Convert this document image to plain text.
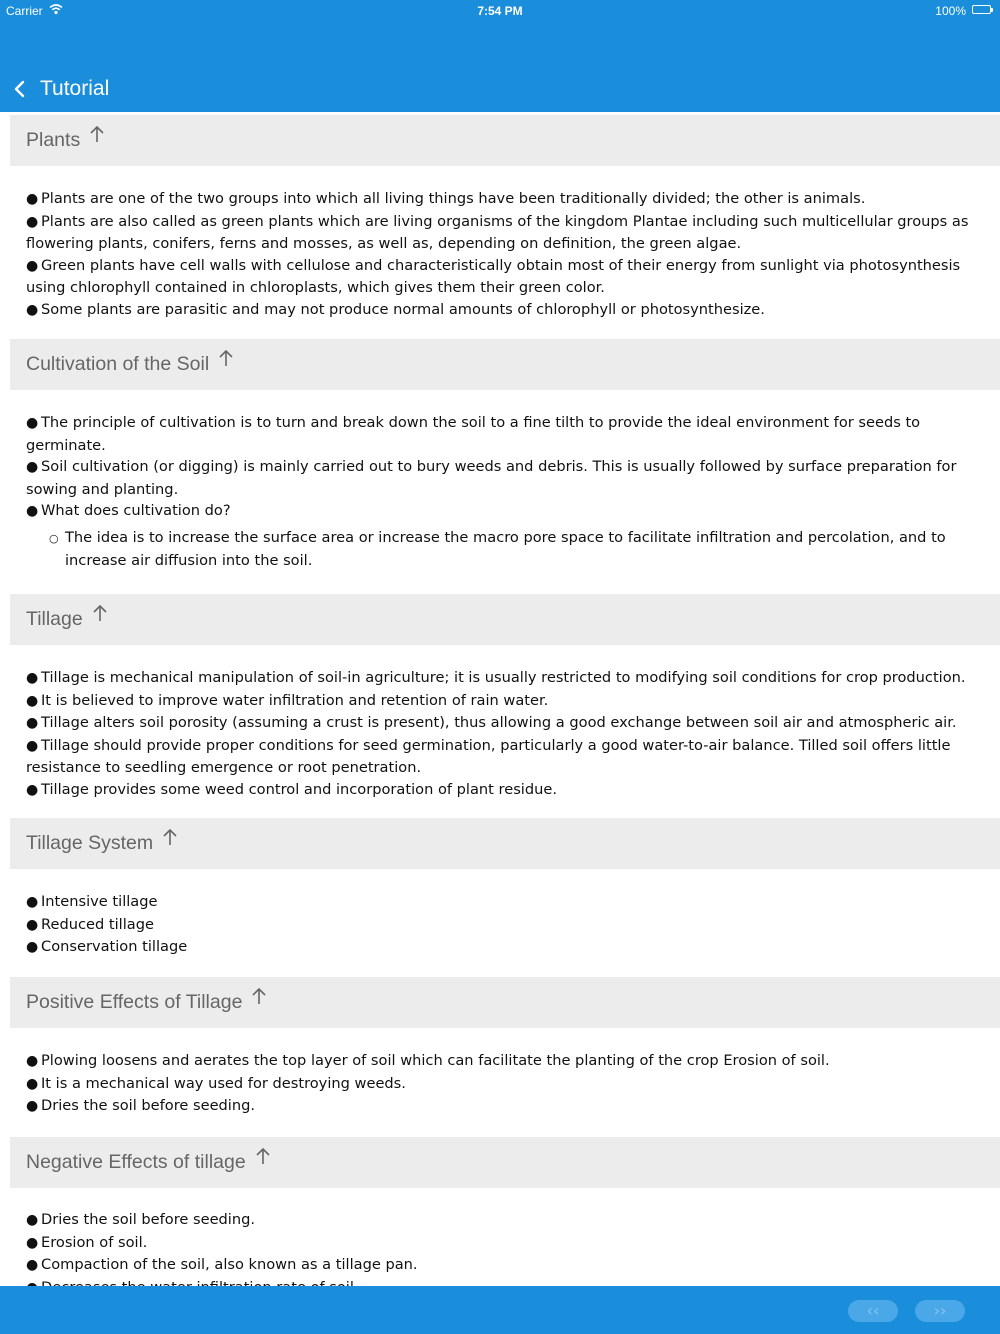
Carrier	7:54 PM	100%
Tutorial
Plants

● Plants are one of the two groups into which all living things have been traditionally divided; the other is animals.

● Plants are also called as green plants which are living organisms of the kingdom Plantae including such multicellular groups as

flowering plants, conifers, ferns and mosses, as well as, depending on definition, the green algae.

● Green plants have cell walls with cellulose and characteristically obtain most of their energy from sunlight via photosynthesis

using chlorophyll contained in chloroplasts, which gives them their green color.

● Some plants are parasitic and may not produce normal amounts of chlorophyll or photosynthesize.

Cultivation of the Soil

● The principle of cultivation is to turn and break down the soil to a fine tilth to provide the ideal environment for seeds to

germinate.

● Soil cultivation (or digging) is mainly carried out to bury weeds and debris. This is usually followed by surface preparation for

sowing and planting.

● What does cultivation do?

○ The idea is to increase the surface area or increase the macro pore space to facilitate infiltration and percolation, and to
increase air diffusion into the soil.

Tillage

● Tillage is mechanical manipulation of soil-in agriculture; it is usually restricted to modifying soil conditions for crop production.

● It is believed to improve water infiltration and retention of rain water.

● Tillage alters soil porosity (assuming a crust is present), thus allowing a good exchange between soil air and atmospheric air.

● Tillage should provide proper conditions for seed germination, particularly a good water-to-air balance. Tilled soil offers little

resistance to seedling emergence or root penetration.

● Tillage provides some weed control and incorporation of plant residue.

Tillage System

● Intensive tillage

● Reduced tillage

● Conservation tillage

Positive Effects of Tillage

● Plowing loosens and aerates the top layer of soil which can facilitate the planting of the crop Erosion of soil.

● It is a mechanical way used for destroying weeds.

● Dries the soil before seeding.

Negative Effects of tillage

● Dries the soil before seeding.

● Erosion of soil.

● Compaction of the soil, also known as a tillage pan.

‹‹	››
